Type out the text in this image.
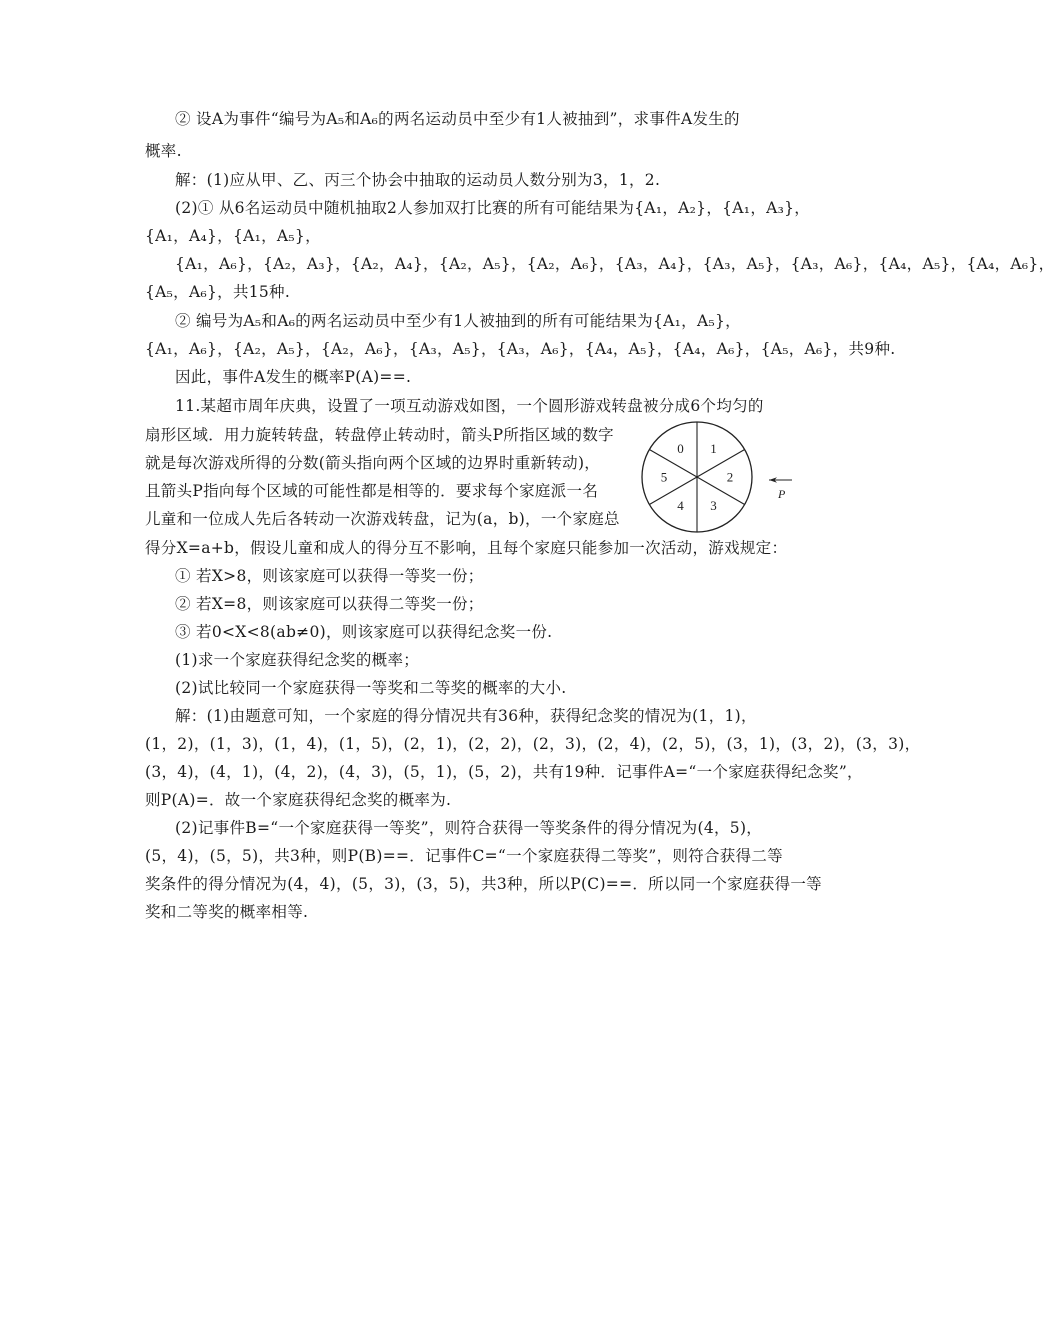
② 设A为事件“编号为A₅和A₆的两名运动员中至少有1人被抽到”，求事件A发生的
概率.
解：(1)应从甲、乙、丙三个协会中抽取的运动员人数分别为3，1，2.
(2)① 从6名运动员中随机抽取2人参加双打比赛的所有可能结果为{A₁，A₂}，{A₁，A₃}，
{A₁，A₄}，{A₁，A₅}，
{A₁，A₆}，{A₂，A₃}，{A₂，A₄}，{A₂，A₅}，{A₂，A₆}，{A₃，A₄}，{A₃，A₅}，{A₃，A₆}，{A₄，A₅}，{A₄，A₆}，
{A₅，A₆}，共15种.
② 编号为A₅和A₆的两名运动员中至少有1人被抽到的所有可能结果为{A₁，A₅}，
{A₁，A₆}，{A₂，A₅}，{A₂，A₆}，{A₃，A₅}，{A₃，A₆}，{A₄，A₅}，{A₄，A₆}，{A₅，A₆}，共9种.
因此，事件A发生的概率P(A)==.
11.某超市周年庆典，设置了一项互动游戏如图，一个圆形游戏转盘被分成6个均匀的
扇形区域．用力旋转转盘，转盘停止转动时，箭头P所指区域的数字
就是每次游戏所得的分数(箭头指向两个区域的边界时重新转动)，
且箭头P指向每个区域的可能性都是相等的．要求每个家庭派一名
儿童和一位成人先后各转动一次游戏转盘，记为(a，b)，一个家庭总
得分X=a+b，假设儿童和成人的得分互不影响，且每个家庭只能参加一次活动，游戏规定：
① 若X>8，则该家庭可以获得一等奖一份；
② 若X=8，则该家庭可以获得二等奖一份；
③ 若0<X<8(ab≠0)，则该家庭可以获得纪念奖一份.
(1)求一个家庭获得纪念奖的概率；
(2)试比较同一个家庭获得一等奖和二等奖的概率的大小.
解：(1)由题意可知，一个家庭的得分情况共有36种，获得纪念奖的情况为(1，1)，
(1，2)，(1，3)，(1，4)，(1，5)，(2，1)，(2，2)，(2，3)，(2，4)，(2，5)，(3，1)，(3，2)，(3，3)，
(3，4)，(4，1)，(4，2)，(4，3)，(5，1)，(5，2)，共有19种．记事件A=“一个家庭获得纪念奖”，
则P(A)=．故一个家庭获得纪念奖的概率为.
(2)记事件B=“一个家庭获得一等奖”，则符合获得一等奖条件的得分情况为(4，5)，
(5，4)，(5，5)，共3种，则P(B)==．记事件C=“一个家庭获得二等奖”，则符合获得二等
奖条件的得分情况为(4，4)，(5，3)，(3，5)，共3种，所以P(C)==．所以同一个家庭获得一等
奖和二等奖的概率相等.
0 1
2
3
4
5
P
